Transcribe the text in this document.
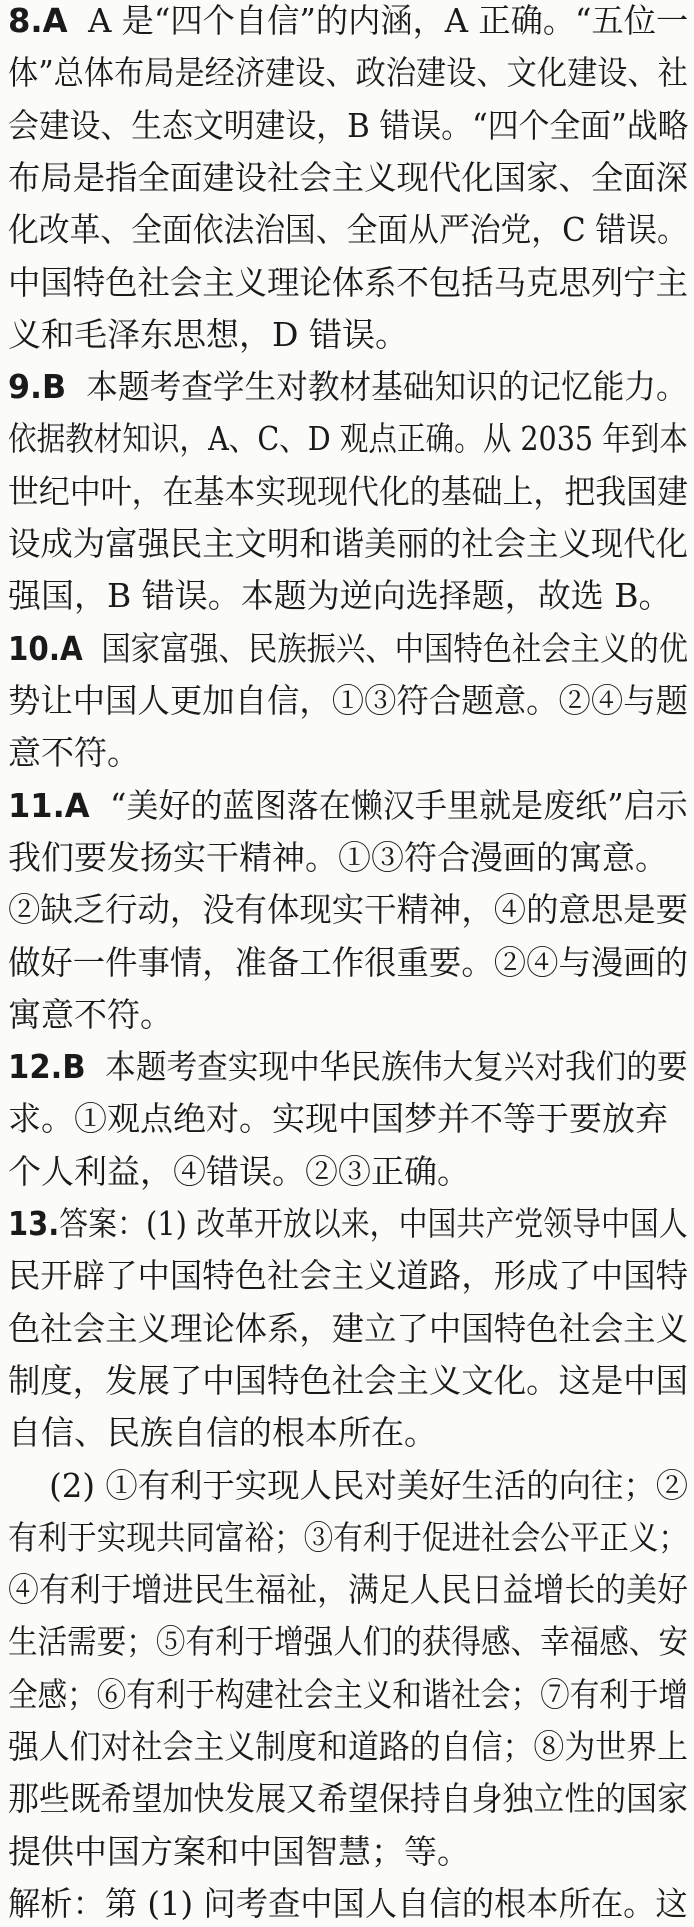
8.A  A 是“四个自信”的内涵，A 正确。“五位一
体”总体布局是经济建设、政治建设、文化建设、社
会建设、生态文明建设，B 错误。“四个全面”战略
布局是指全面建设社会主义现代化国家、全面深
化改革、全面依法治国、全面从严治党，C 错误。
中国特色社会主义理论体系不包括马克思列宁主
义和毛泽东思想，D 错误。
9.B  本题考查学生对教材基础知识的记忆能力。
依据教材知识，A、C、D 观点正确。从 2035 年到本
世纪中叶，在基本实现现代化的基础上，把我国建
设成为富强民主文明和谐美丽的社会主义现代化
强国，B 错误。本题为逆向选择题，故选 B。
10.A  国家富强、民族振兴、中国特色社会主义的优
势让中国人更加自信，①③符合题意。②④与题
意不符。
11.A  “美好的蓝图落在懒汉手里就是废纸”启示
我们要发扬实干精神。①③符合漫画的寓意。
②缺乏行动，没有体现实干精神，④的意思是要
做好一件事情，准备工作很重要。②④与漫画的
寓意不符。
12.B  本题考查实现中华民族伟大复兴对我们的要
求。①观点绝对。实现中国梦并不等于要放弃
个人利益，④错误。②③正确。
13.答案：(1) 改革开放以来，中国共产党领导中国人
民开辟了中国特色社会主义道路，形成了中国特
色社会主义理论体系，建立了中国特色社会主义
制度，发展了中国特色社会主义文化。这是中国
自信、民族自信的根本所在。
(2) ①有利于实现人民对美好生活的向往；②
有利于实现共同富裕；③有利于促进社会公平正义；
④有利于增进民生福祉，满足人民日益增长的美好
生活需要；⑤有利于增强人们的获得感、幸福感、安
全感；⑥有利于构建社会主义和谐社会；⑦有利于增
强人们对社会主义制度和道路的自信；⑧为世界上
那些既希望加快发展又希望保持自身独立性的国家
提供中国方案和中国智慧；等。
解析：第 (1) 问考查中国人自信的根本所在。这
